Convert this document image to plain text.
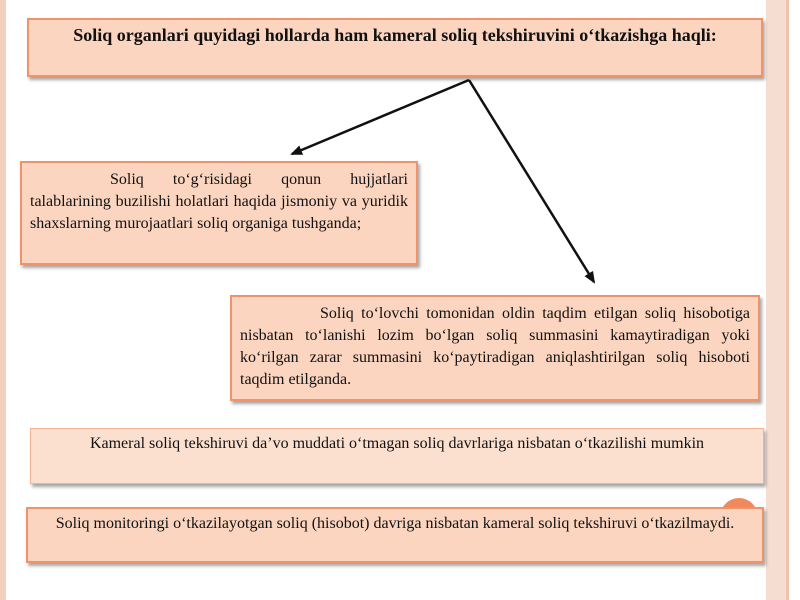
Soliq organlari quyidagi hollarda ham kameral soliq tekshiruvini o‘tkazishga haqli:
Soliq to‘g‘risidagi qonun hujjatlari talablarining buzilishi holatlari haqida jismoniy va yuridik shaxslarning murojaatlari soliq organiga tushganda;
Soliq to‘lovchi tomonidan oldin taqdim etilgan soliq hisobotiga nisbatan to‘lanishi lozim bo‘lgan soliq summasini kamaytiradigan yoki ko‘rilgan zarar summasini ko‘paytiradigan aniqlashtirilgan soliq hisoboti taqdim etilganda.
Kameral soliq tekshiruvi da’vo muddati o‘tmagan soliq davrlariga nisbatan o‘tkazilishi mumkin
Soliq monitoringi o‘tkazilayotgan soliq (hisobot) davriga nisbatan kameral soliq tekshiruvi o‘tkazilmaydi.
